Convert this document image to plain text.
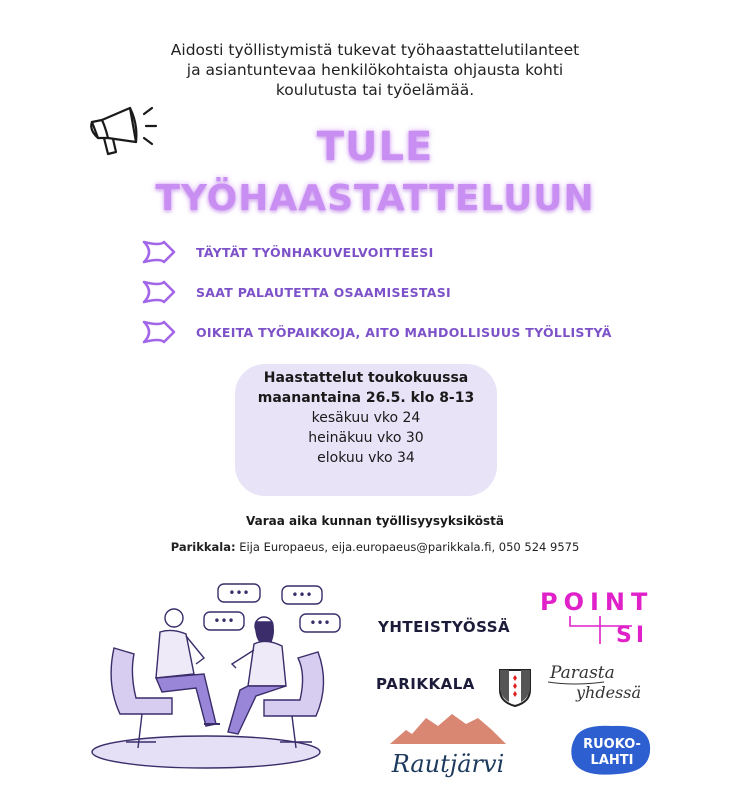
Aidosti työllistymistä tukevat työhaastattelutilanteet
ja asiantuntevaa henkilökohtaista ohjausta kohti
koulutusta tai työelämää.
TULE
TYÖHAASTATTELUUN
TÄYTÄT TYÖNHAKUVELVOITTEESI
SAAT PALAUTETTA OSAAMISESTASI
OIKEITA TYÖPAIKKOJA, AITO MAHDOLLISUUS TYÖLLISTYÄ
Haastattelut toukokuussa
maanantaina 26.5. klo 8-13
kesäkuu vko 24
heinäkuu vko 30
elokuu vko 34
Varaa aika kunnan työllisyysyksiköstä
Parikkala: Eija Europaeus, eija.europaeus@parikkala.fi, 050 524 9575
•••	•••
•••	•••	YHTEISTYÖSSÄ
POINT
SI
PARIKKALA
Parasta
yhdessä
Rautjärvi
RUOKO-
LAHTI
